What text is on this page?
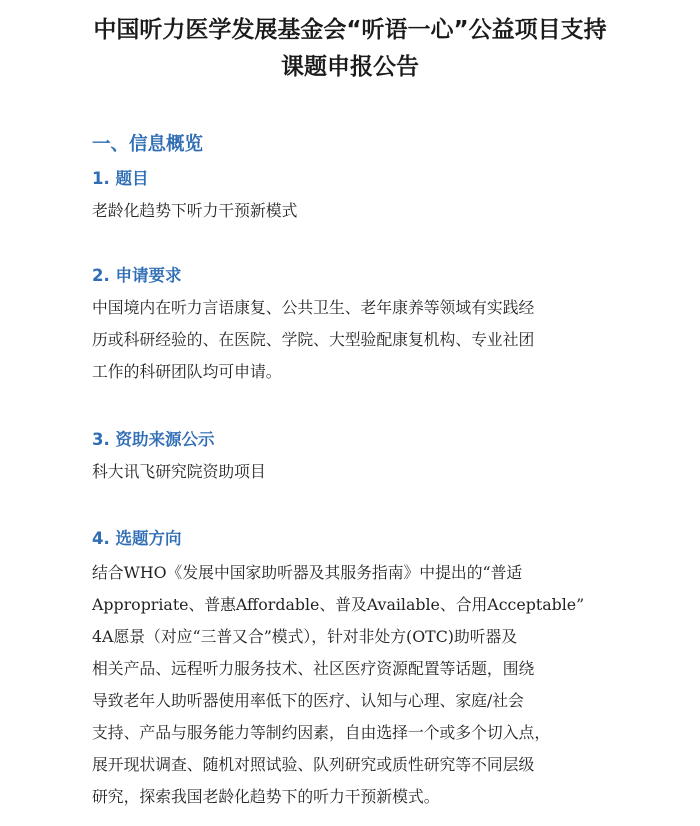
中国听力医学发展基金会“听语一心”公益项目支持
课题申报公告
一、信息概览
1. 题目

老龄化趋势下听力干预新模式

2. 申请要求

中国境内在听力言语康复、公共卫生、老年康养等领域有实践经
历或科研经验的、在医院、学院、大型验配康复机构、专业社团
工作的科研团队均可申请。

3. 资助来源公示

科大讯飞研究院资助项目

4. 选题方向

结合WHO《发展中国家助听器及其服务指南》中提出的“普适
Appropriate、普惠Affordable、普及Available、合用Acceptable”
4A愿景（对应“三普又合”模式），针对非处方(OTC)助听器及
相关产品、远程听力服务技术、社区医疗资源配置等话题，围绕
导致老年人助听器使用率低下的医疗、认知与心理、家庭/社会
支持、产品与服务能力等制约因素，自由选择一个或多个切入点，
展开现状调查、随机对照试验、队列研究或质性研究等不同层级
研究，探索我国老龄化趋势下的听力干预新模式。
